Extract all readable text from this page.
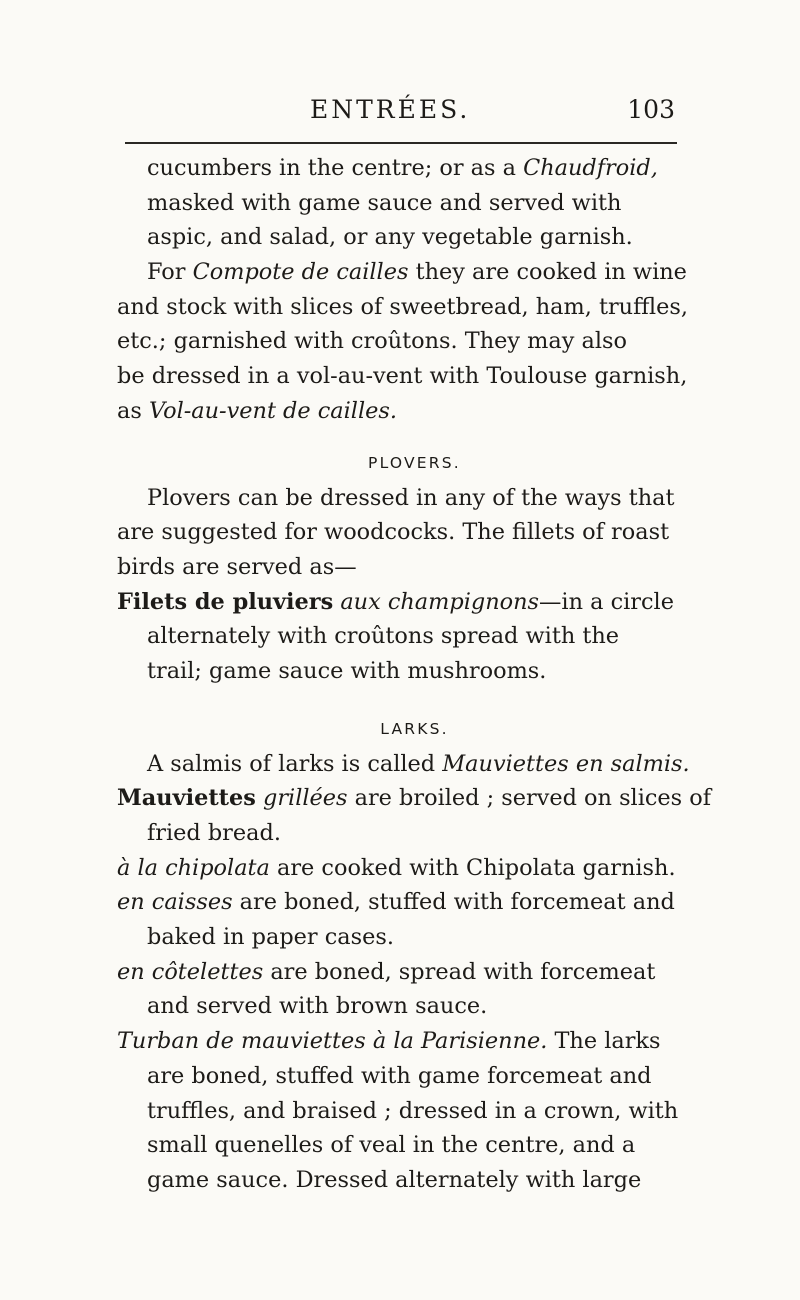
ENTRÉES.	103
cucumbers in the centre; or as a Chaudfroid,
masked with game sauce and served with
aspic, and salad, or any vegetable garnish.
For Compote de cailles they are cooked in wine
and stock with slices of sweetbread, ham, truffles,
etc.; garnished with croûtons. They may also
be dressed in a vol-au-vent with Toulouse garnish,
as Vol-au-vent de cailles.
PLOVERS.
Plovers can be dressed in any of the ways that
are suggested for woodcocks. The fillets of roast
birds are served as—
Filets de pluviers aux champignons—in a circle
alternately with croûtons spread with the
trail; game sauce with mushrooms.
LARKS.
A salmis of larks is called Mauviettes en salmis.
Mauviettes grillées are broiled ; served on slices of
fried bread.
à la chipolata are cooked with Chipolata garnish.
en caisses are boned, stuffed with forcemeat and
baked in paper cases.
en côtelettes are boned, spread with forcemeat
and served with brown sauce.
Turban de mauviettes à la Parisienne. The larks
are boned, stuffed with game forcemeat and
truffles, and braised ; dressed in a crown, with
small quenelles of veal in the centre, and a
game sauce. Dressed alternately with large
